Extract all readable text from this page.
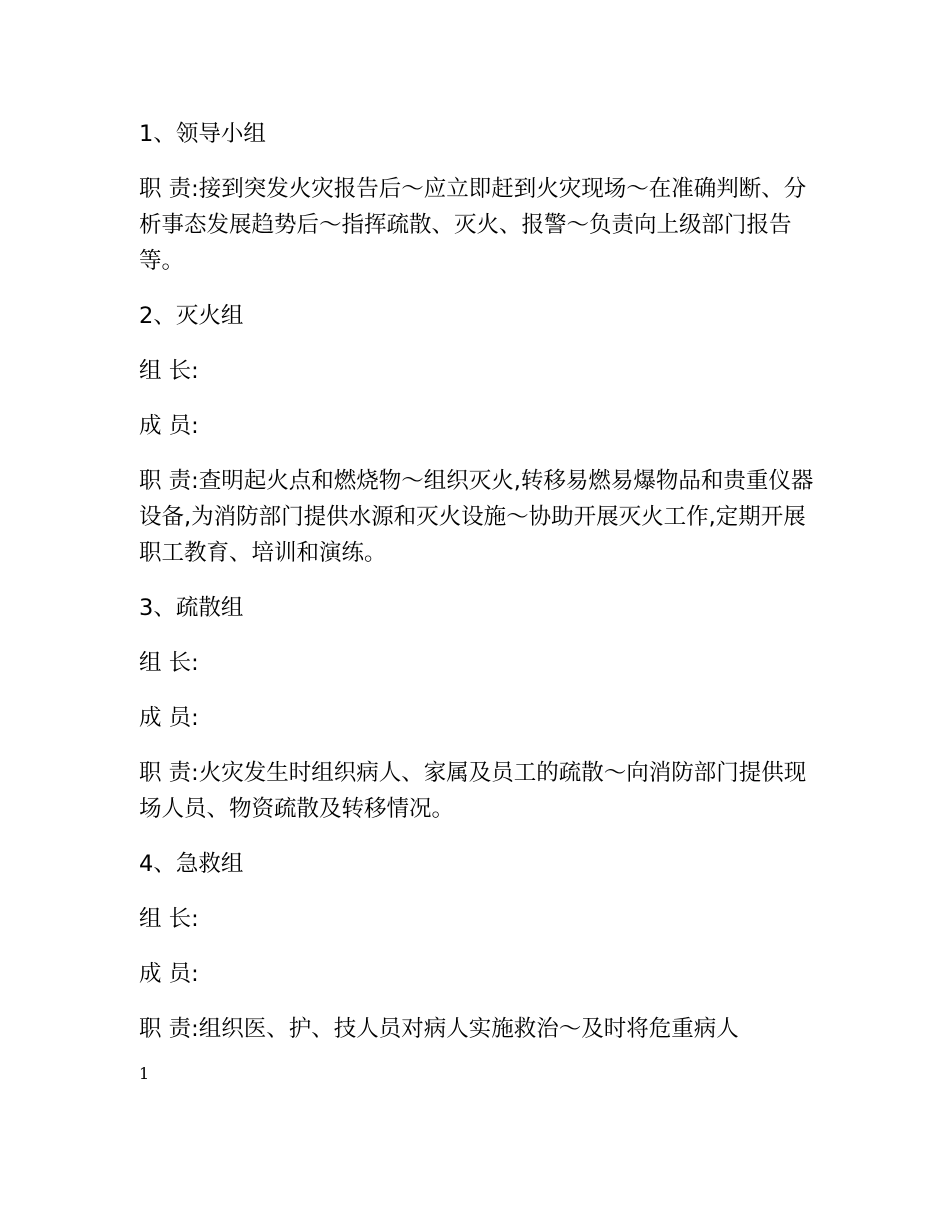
1、领导小组

职 责:接到突发火灾报告后～应立即赶到火灾现场～在准确判断、分析事态发展趋势后～指挥疏散、灭火、报警～负责向上级部门报告等。

2、灭火组

组 长:

成 员:

职 责:查明起火点和燃烧物～组织灭火,转移易燃易爆物品和贵重仪器设备,为消防部门提供水源和灭火设施～协助开展灭火工作,定期开展职工教育、培训和演练。

3、疏散组

组 长:

成 员:

职 责:火灾发生时组织病人、家属及员工的疏散～向消防部门提供现场人员、物资疏散及转移情况。

4、急救组

组 长:

成 员:

职 责:组织医、护、技人员对病人实施救治～及时将危重病人

1
